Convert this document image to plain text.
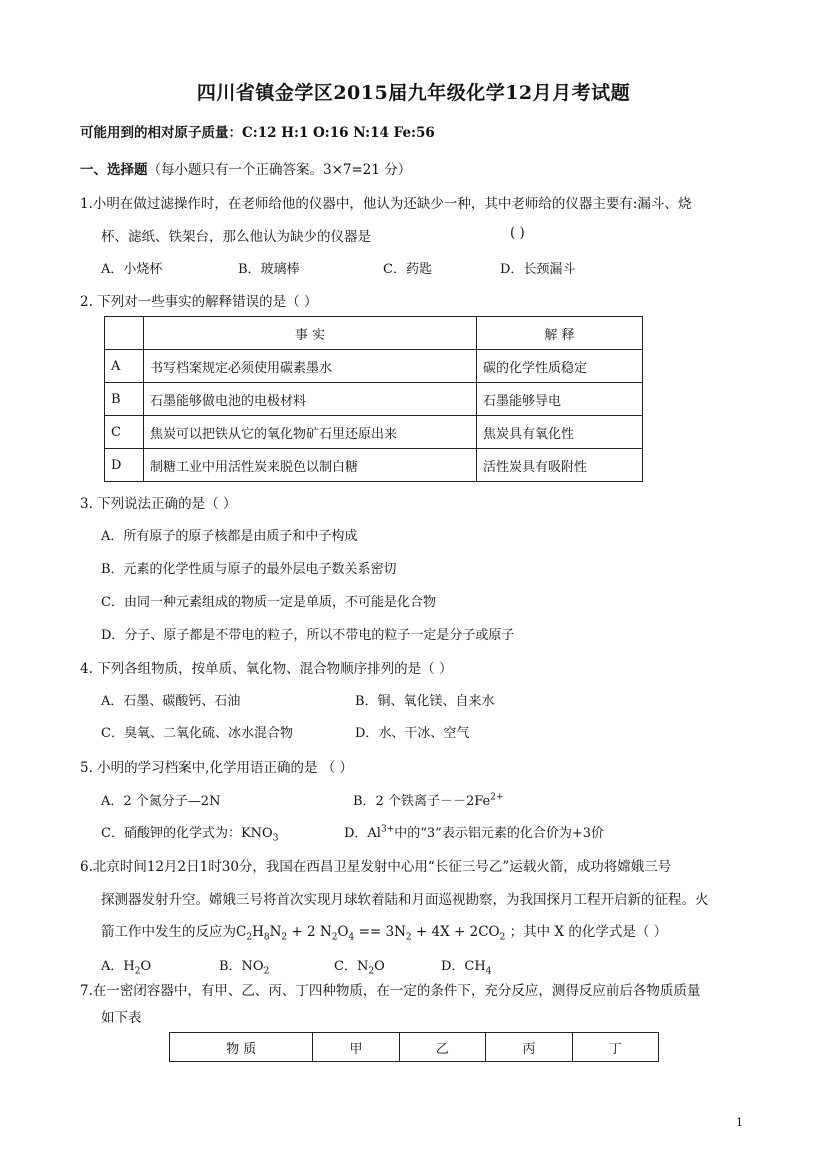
四川省镇金学区2015届九年级化学12月月考试题
可能用到的相对原子质量：C:12 H:1 O:16 N:14 Fe:56
一、选择题（每小题只有一个正确答案。3×7=21 分）
1.小明在做过滤操作时，在老师给他的仪器中，他认为还缺少一种，其中老师给的仪器主要有:漏斗、烧
杯、滤纸、铁架台，那么他认为缺少的仪器是	( )
A．小烧杯	B．玻璃棒	C．药匙	D．长颈漏斗
2. 下列对一些事实的解释错误的是（ ）
	事 实	解 释
A	书写档案规定必须使用碳素墨水	碳的化学性质稳定
B	石墨能够做电池的电极材料	石墨能够导电
C	焦炭可以把铁从它的氧化物矿石里还原出来	焦炭具有氧化性
D	制糖工业中用活性炭来脱色以制白糖	活性炭具有吸附性
3. 下列说法正确的是（ ）
A．所有原子的原子核都是由质子和中子构成
B．元素的化学性质与原子的最外层电子数关系密切
C．由同一种元素组成的物质一定是单质，不可能是化合物
D．分子、原子都是不带电的粒子，所以不带电的粒子一定是分子或原子
4. 下列各组物质，按单质、氧化物、混合物顺序排列的是（ ）
A．石墨、碳酸钙、石油	B．铜、氧化镁、自来水
C．臭氧、二氧化硫、冰水混合物	D．水、干冰、空气
5. 小明的学习档案中,化学用语正确的是 （ ）
A．2 个氮分子—2N	B．2 个铁离子$--2Fe^{2+}$
C．硝酸钾的化学式为：$KNO_3$	D．$Al^{3+}$中的“3”表示铝元素的化合价为+3价
6.北京时间12月2日1时30分，我国在西昌卫星发射中心用“长征三号乙”运载火箭，成功将嫦娥三号
探测器发射升空。嫦娥三号将首次实现月球软着陆和月面巡视勘察，为我国探月工程开启新的征程。火
箭工作中发生的反应为$C_2H_8N_2 + 2$ $N_2O_4 == 3N_2 + 4X + 2CO_2$ ；其中 X 的化学式是（ ）
A．$H_2O$	B．$NO_2$	C．$N_2O$	D．$CH_4$
7.在一密闭容器中，有甲、乙、丙、丁四种物质，在一定的条件下，充分反应，测得反应前后各物质质量
如下表
物 质	甲	乙	丙	丁
1
